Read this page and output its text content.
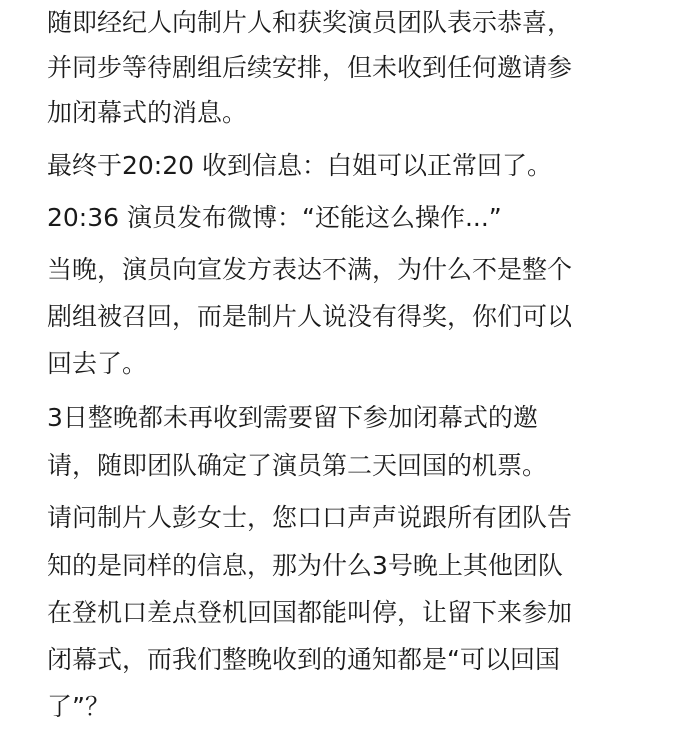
随即经纪人向制片人和获奖演员团队表示恭喜，
并同步等待剧组后续安排，但未收到任何邀请参
加闭幕式的消息。
最终于20:20 收到信息：白姐可以正常回了。
20:36 演员发布微博：“还能这么操作...”
当晚，演员向宣发方表达不满，为什么不是整个
剧组被召回，而是制片人说没有得奖，你们可以
回去了。
3日整晚都未再收到需要留下参加闭幕式的邀
请，随即团队确定了演员第二天回国的机票。
请问制片人彭女士，您口口声声说跟所有团队告
知的是同样的信息，那为什么3号晚上其他团队
在登机口差点登机回国都能叫停，让留下来参加
闭幕式，而我们整晚收到的通知都是“可以回国
了”？
